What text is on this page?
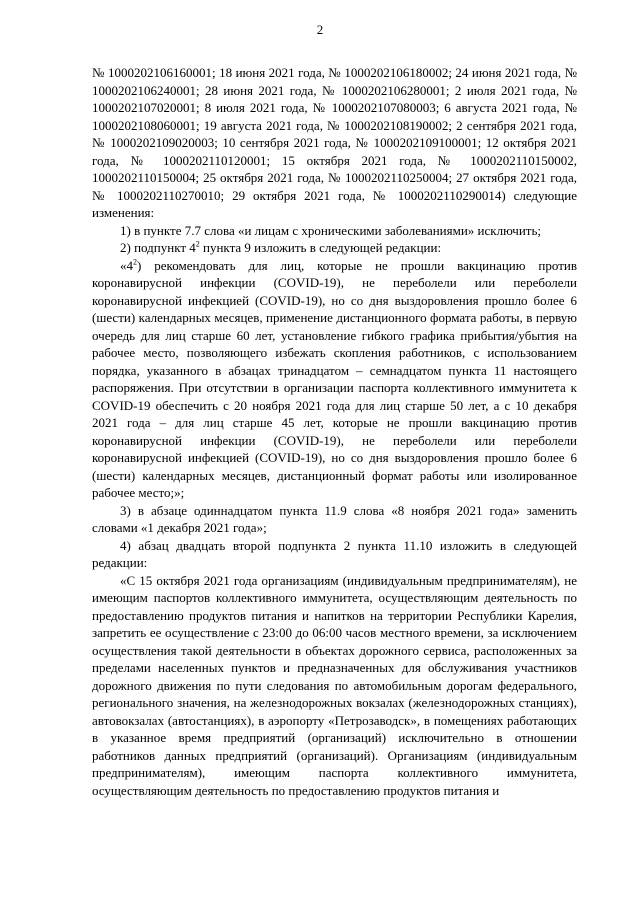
2

№ 1000202106160001; 18 июня 2021 года, № 1000202106180002; 24 июня 2021 года, № 1000202106240001; 28 июня 2021 года, № 1000202106280001; 2 июля 2021 года, № 1000202107020001; 8 июля 2021 года, № 1000202107080003; 6 августа 2021 года, № 1000202108060001; 19 августа 2021 года, № 1000202108190002; 2 сентября 2021 года, № 1000202109020003; 10 сентября 2021 года, № 1000202109100001; 12 октября 2021 года, № 1000202110120001; 15 октября 2021 года, № 1000202110150002, 1000202110150004; 25 октября 2021 года, № 1000202110250004; 27 октября 2021 года, № 1000202110270010; 29 октября 2021 года, № 1000202110290014) следующие изменения:

1) в пункте 7.7 слова «и лицам с хроническими заболеваниями» исключить;

2) подпункт $4^2$ пункта 9 изложить в следующей редакции:

«$4^2$) рекомендовать для лиц, которые не прошли вакцинацию против коронавирусной инфекции (COVID-19), не переболели или переболели коронавирусной инфекцией (COVID-19), но со дня выздоровления прошло более 6 (шести) календарных месяцев, применение дистанционного формата работы, в первую очередь для лиц старше 60 лет, установление гибкого графика прибытия/убытия на рабочее место, позволяющего избежать скопления работников, с использованием порядка, указанного в абзацах тринадцатом – семнадцатом пункта 11 настоящего распоряжения. При отсутствии в организации паспорта коллективного иммунитета к COVID-19 обеспечить с 20 ноября 2021 года для лиц старше 50 лет, а с 10 декабря 2021 года – для лиц старше 45 лет, которые не прошли вакцинацию против коронавирусной инфекции (COVID-19), не переболели или переболели коронавирусной инфекцией (COVID-19), но со дня выздоровления прошло более 6 (шести) календарных месяцев, дистанционный формат работы или изолированное рабочее место;»;

3) в абзаце одиннадцатом пункта 11.9 слова «8 ноября 2021 года» заменить словами «1 декабря 2021 года»;

4) абзац двадцать второй подпункта 2 пункта 11.10 изложить в следующей редакции:

«С 15 октября 2021 года организациям (индивидуальным предпринимателям), не имеющим паспортов коллективного иммунитета, осуществляющим деятельность по предоставлению продуктов питания и напитков на территории Республики Карелия, запретить ее осуществление с 23:00 до 06:00 часов местного времени, за исключением осуществления такой деятельности в объектах дорожного сервиса, расположенных за пределами населенных пунктов и предназначенных для обслуживания участников дорожного движения по пути следования по автомобильным дорогам федерального, регионального значения, на железнодорожных вокзалах (железнодорожных станциях), автовокзалах (автостанциях), в аэропорту «Петрозаводск», в помещениях работающих в указанное время предприятий (организаций) исключительно в отношении работников данных предприятий (организаций). Организациям (индивидуальным предпринимателям), имеющим паспорта коллективного иммунитета, осуществляющим деятельность по предоставлению продуктов питания и
